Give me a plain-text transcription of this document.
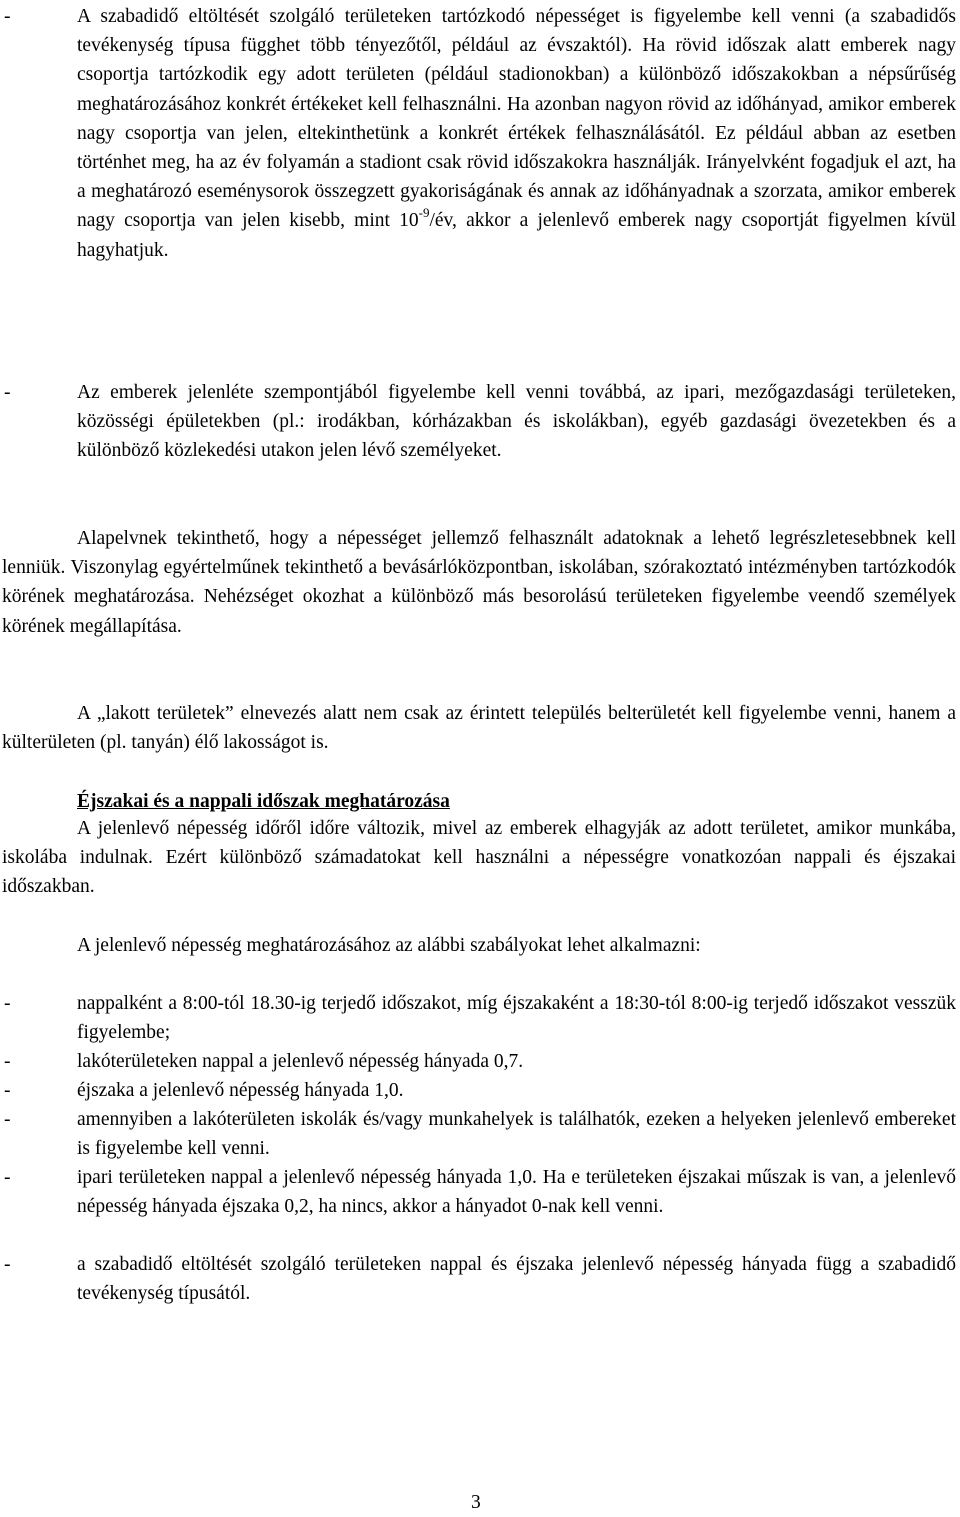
-	A szabadidő eltöltését szolgáló területeken tartózkodó népességet is figyelembe kell venni (a szabadidős tevékenység típusa függhet több tényezőtől, például az évszaktól). Ha rövid időszak alatt emberek nagy csoportja tartózkodik egy adott területen (például stadionokban) a különböző időszakokban a népsűrűség meghatározásához konkrét értékeket kell felhasználni. Ha azonban nagyon rövid az időhányad, amikor emberek nagy csoportja van jelen, eltekinthetünk a konkrét értékek felhasználásától. Ez például abban az esetben történhet meg, ha az év folyamán a stadiont csak rövid időszakokra használják. Irányelvként fogadjuk el azt, ha a meghatározó eseménysorok összegzett gyakoriságának és annak az időhányadnak a szorzata, amikor emberek nagy csoportja van jelen kisebb, mint $10^{-9}/év$, akkor a jelenlevő emberek nagy csoportját figyelmen kívül hagyhatjuk.
-	Az emberek jelenléte szempontjából figyelembe kell venni továbbá, az ipari, mezőgazdasági területeken, közösségi épületekben (pl.: irodákban, kórházakban és iskolákban), egyéb gazdasági övezetekben és a különböző közlekedési utakon jelen lévő személyeket.
Alapelvnek tekinthető, hogy a népességet jellemző felhasznált adatoknak a lehető legrészletesebbnek kell lenniük. Viszonylag egyértelműnek tekinthető a bevásárlóközpontban, iskolában, szórakoztató intézményben tartózkodók körének meghatározása. Nehézséget okozhat a különböző más besorolású területeken figyelembe veendő személyek körének megállapítása.
A „lakott területek” elnevezés alatt nem csak az érintett település belterületét kell figyelembe venni, hanem a külterületen (pl. tanyán) élő lakosságot is.
Éjszakai és a nappali időszak meghatározása
A jelenlevő népesség időről időre változik, mivel az emberek elhagyják az adott területet, amikor munkába, iskolába indulnak. Ezért különböző számadatokat kell használni a népességre vonatkozóan nappali és éjszakai időszakban.
A jelenlevő népesség meghatározásához az alábbi szabályokat lehet alkalmazni:
-	nappalként a 8:00-tól 18.30-ig terjedő időszakot, míg éjszakaként a 18:30-tól 8:00-ig terjedő időszakot vesszük figyelembe;
-	lakóterületeken nappal a jelenlevő népesség hányada 0,7.
-	éjszaka a jelenlevő népesség hányada 1,0.
-	amennyiben a lakóterületen iskolák és/vagy munkahelyek is találhatók, ezeken a helyeken jelenlevő embereket is figyelembe kell venni.
-	ipari területeken nappal a jelenlevő népesség hányada 1,0. Ha e területeken éjszakai műszak is van, a jelenlevő népesség hányada éjszaka 0,2, ha nincs, akkor a hányadot 0-nak kell venni.
-	a szabadidő eltöltését szolgáló területeken nappal és éjszaka jelenlevő népesség hányada függ a szabadidő tevékenység típusától.
3
